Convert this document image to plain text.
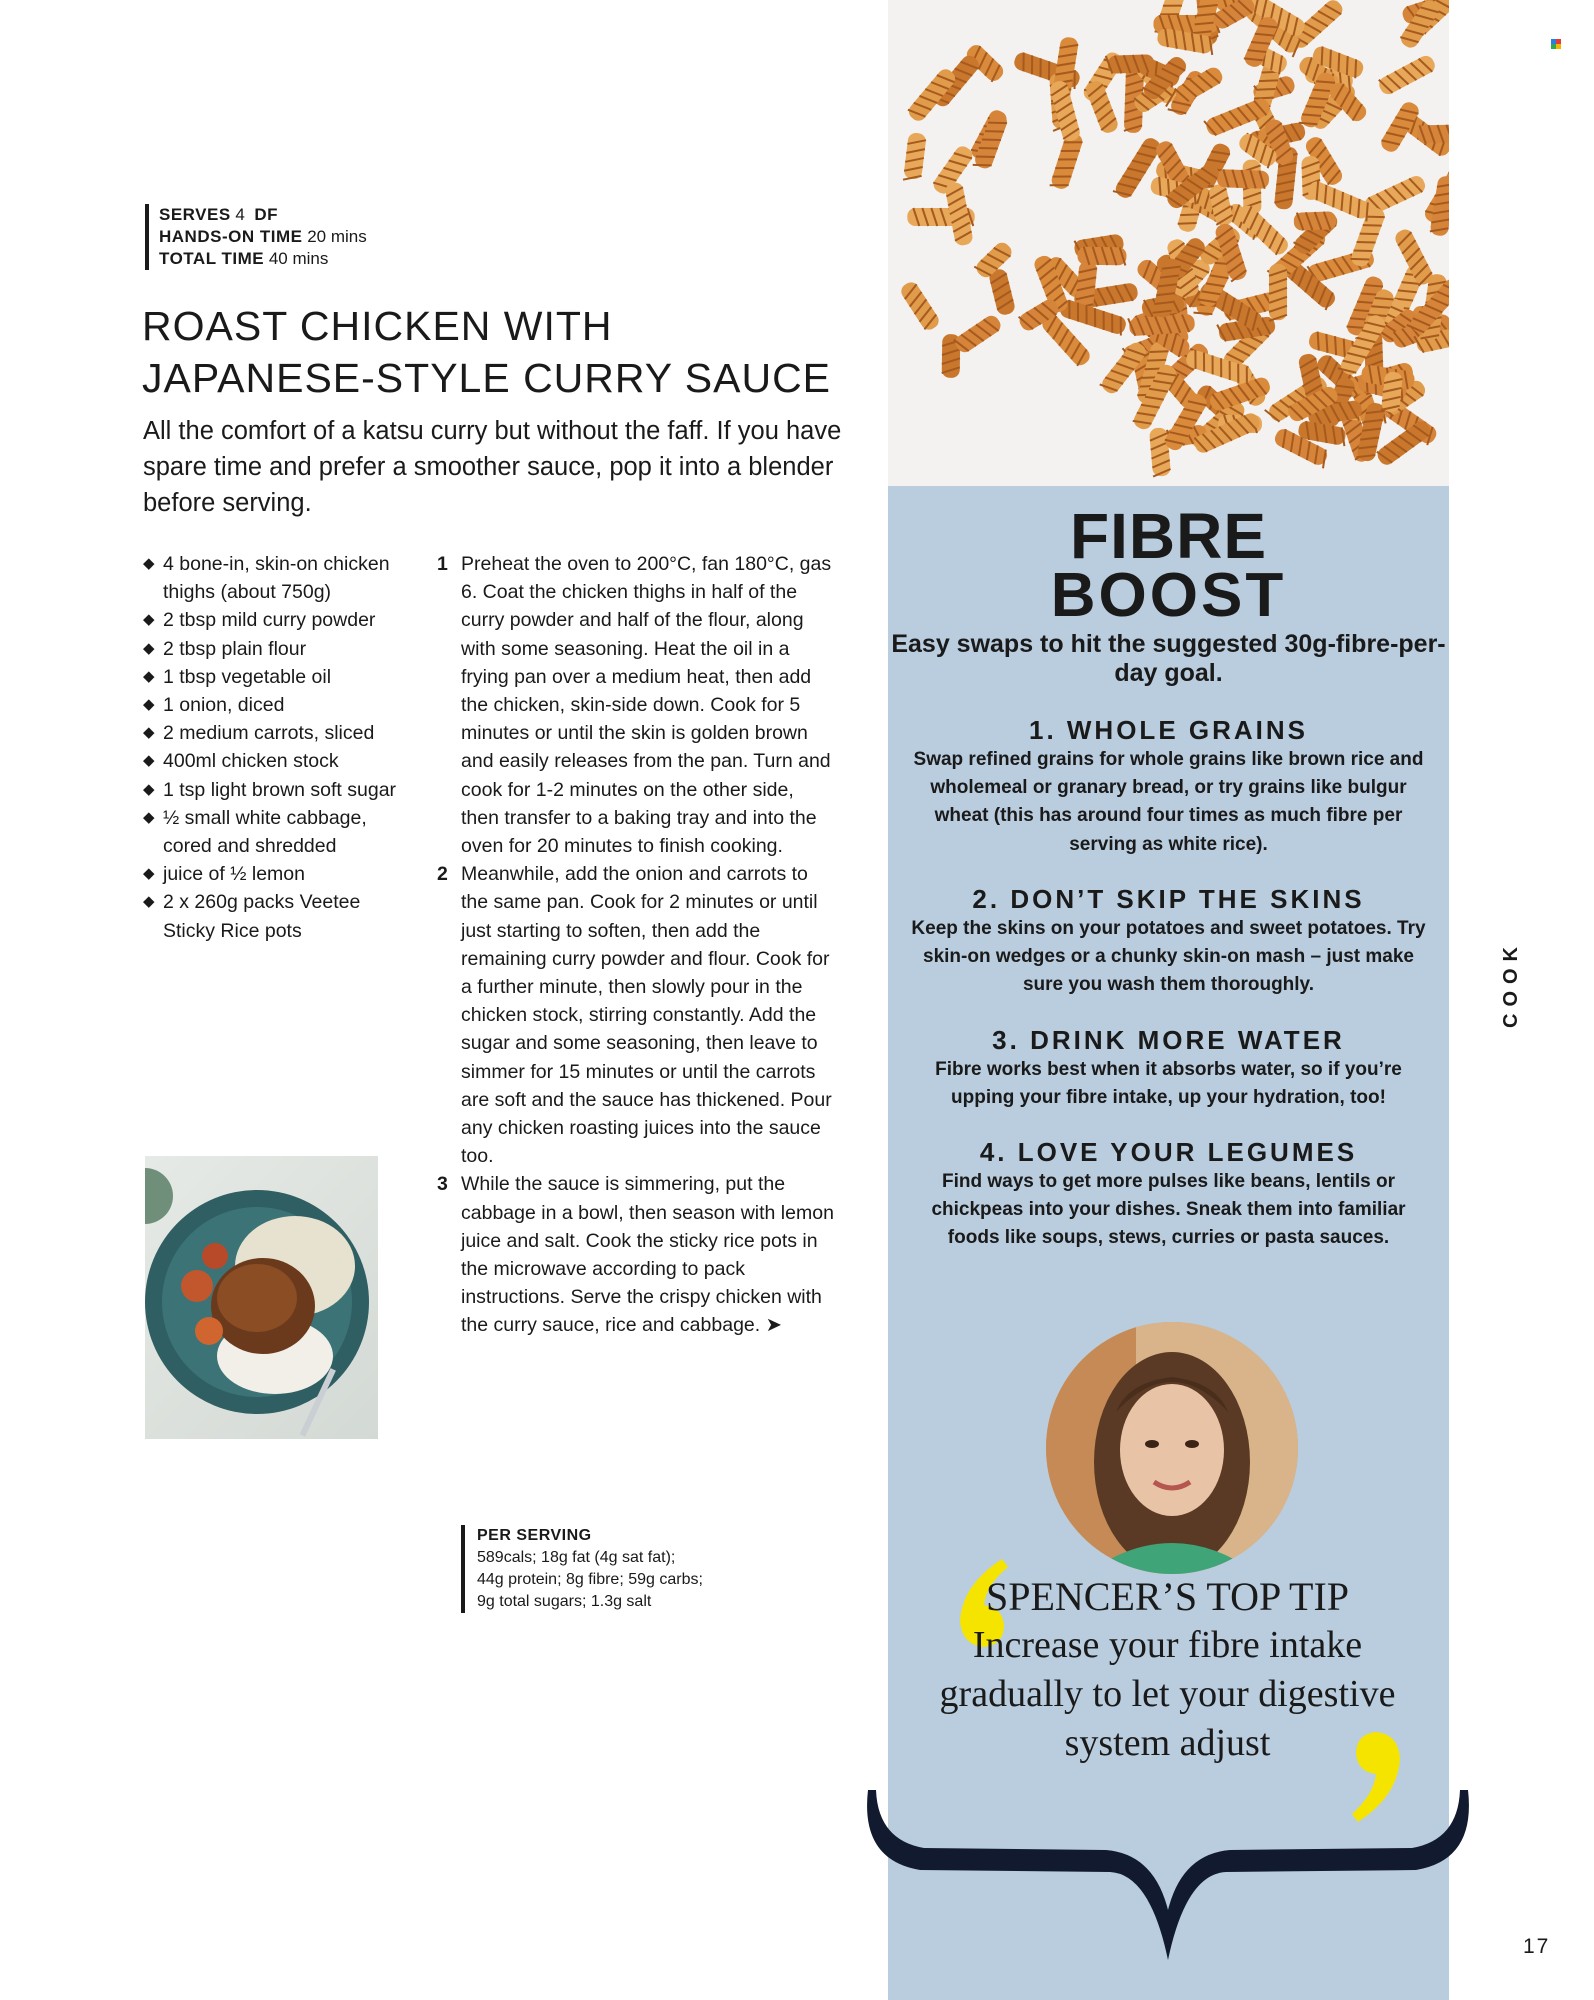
SERVES 4 DF
HANDS-ON TIME 20 mins
TOTAL TIME 40 mins
ROAST CHICKEN WITH
JAPANESE-STYLE CURRY SAUCE

All the comfort of a katsu curry but without the faff. If you have spare time and prefer a smoother sauce, pop it into a blender before serving.

◆ 4 bone-in, skin-on chicken thighs (about 750g)
◆ 2 tbsp mild curry powder
◆ 2 tbsp plain flour
◆ 1 tbsp vegetable oil
◆ 1 onion, diced
◆ 2 medium carrots, sliced
◆ 400ml chicken stock
◆ 1 tsp light brown soft sugar
◆ ½ small white cabbage, cored and shredded
◆ juice of ½ lemon
◆ 2 x 260g packs Veetee Sticky Rice pots
1 Preheat the oven to 200°C, fan 180°C, gas 6. Coat the chicken thighs in half of the curry powder and half of the flour, along with some seasoning. Heat the oil in a frying pan over a medium heat, then add the chicken, skin-side down. Cook for 5 minutes or until the skin is golden brown and easily releases from the pan. Turn and cook for 1-2 minutes on the other side, then transfer to a baking tray and into the oven for 20 minutes to finish cooking.
2 Meanwhile, add the onion and carrots to the same pan. Cook for 2 minutes or until just starting to soften, then add the remaining curry powder and flour. Cook for a further minute, then slowly pour in the chicken stock, stirring constantly. Add the sugar and some seasoning, then leave to simmer for 15 minutes or until the carrots are soft and the sauce has thickened. Pour any chicken roasting juices into the sauce too.
3 While the sauce is simmering, put the cabbage in a bowl, then season with lemon juice and salt. Cook the sticky rice pots in the microwave according to pack instructions. Serve the crispy chicken with the curry sauce, rice and cabbage. ➤
PER SERVING
589cals; 18g fat (4g sat fat);
44g protein; 8g fibre; 59g carbs;
9g total sugars; 1.3g salt
FIBRE
BOOST

Easy swaps to hit the suggested 30g-fibre-per-day goal.

1. WHOLE GRAINS

Swap refined grains for whole grains like brown rice and wholemeal or granary bread, or try grains like bulgur wheat (this has around four times as much fibre per serving as white rice).

2. DON’T SKIP THE SKINS

Keep the skins on your potatoes and sweet potatoes. Try skin-on wedges or a chunky skin-on mash – just make sure you wash them thoroughly.

3. DRINK MORE WATER

Fibre works best when it absorbs water, so if you’re upping your fibre intake, up your hydration, too!

4. LOVE YOUR LEGUMES

Find ways to get more pulses like beans, lentils or chickpeas into your dishes. Sneak them into familiar foods like soups, stews, curries or pasta sauces.

SPENCER’S TOP TIP
Increase your fibre intake gradually to let your digestive system adjust

COOK
17
